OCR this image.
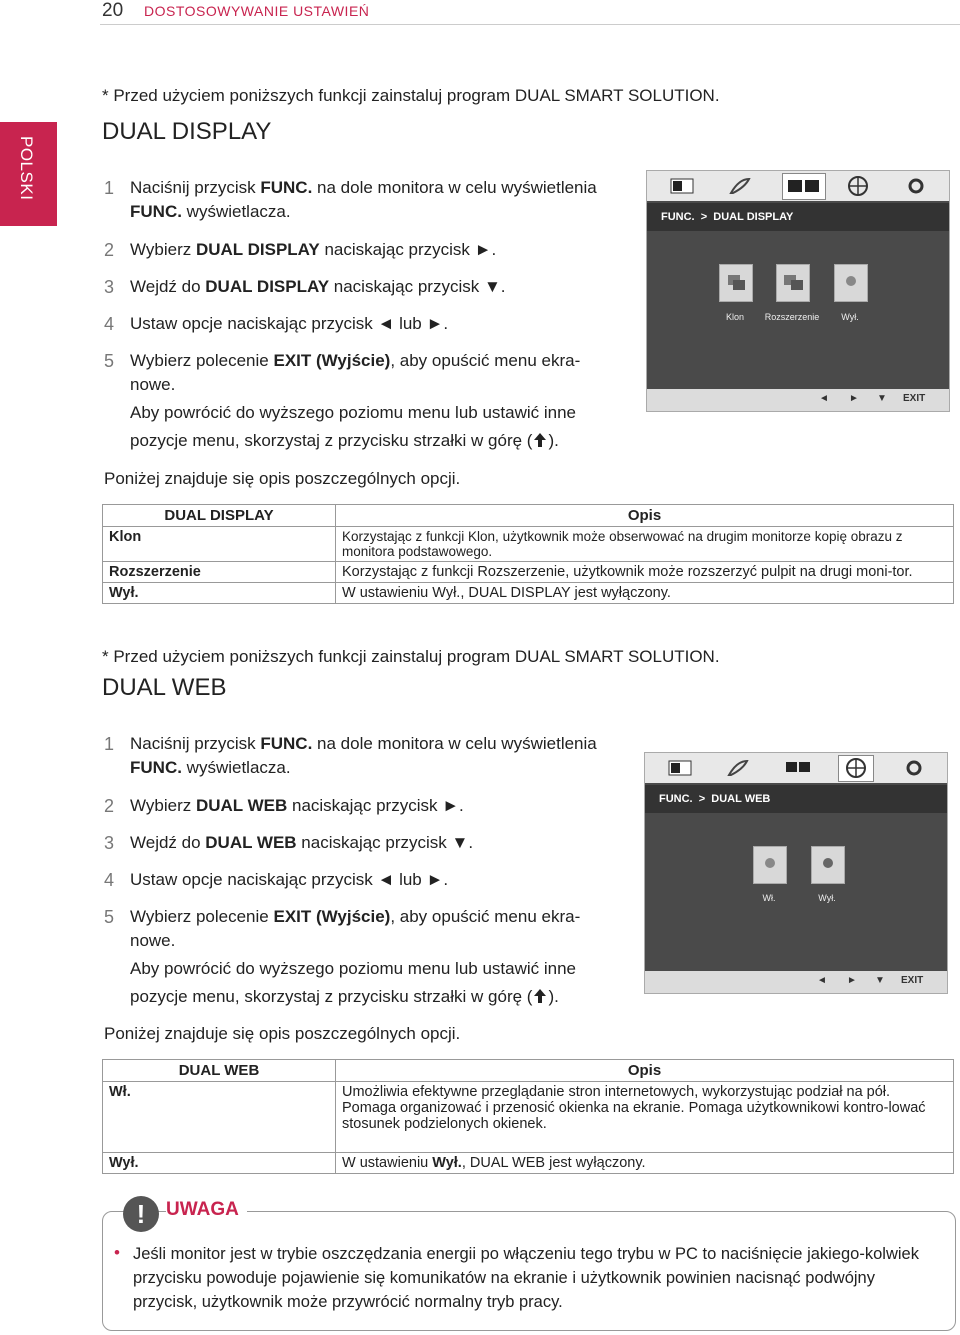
20 DOSTOSOWYWANIE USTAWIEŃ
POLSKI
* Przed użyciem poniższych funkcji zainstaluj program DUAL SMART SOLUTION.
DUAL DISPLAY
1 Naciśnij przycisk FUNC. na dole monitora w celu wyświetlenia FUNC. wyświetlacza.
2 Wybierz DUAL DISPLAY naciskając przycisk ►.
3 Wejdź do DUAL DISPLAY naciskając przycisk ▼.
4 Ustaw opcje naciskając przycisk ◄ lub ►.
5 Wybierz polecenie EXIT (Wyjście), aby opuścić menu ekra-nowe.
Aby powrócić do wyższego poziomu menu lub ustawić inne
pozycje menu, skorzystaj z przycisku strzałki w górę ( ).
Poniżej znajduje się opis poszczególnych opcji.
FUNC. > DUAL DISPLAY
Klon	Rozszerzenie	Wył.
◄ ► ▼ EXIT
DUAL DISPLAY	Opis
Klon	Korzystając z funkcji Klon, użytkownik może obserwować na drugim monitorze kopię obrazu z monitora podstawowego.
Rozszerzenie	Korzystając z funkcji Rozszerzenie, użytkownik może rozszerzyć pulpit na drugi moni-tor.
Wył.	W ustawieniu Wył., DUAL DISPLAY jest wyłączony.
* Przed użyciem poniższych funkcji zainstaluj program DUAL SMART SOLUTION.
DUAL WEB
1 Naciśnij przycisk FUNC. na dole monitora w celu wyświetlenia FUNC. wyświetlacza.
2 Wybierz DUAL WEB naciskając przycisk ►.
3 Wejdź do DUAL WEB naciskając przycisk ▼.
4 Ustaw opcje naciskając przycisk ◄ lub ►.
5 Wybierz polecenie EXIT (Wyjście), aby opuścić menu ekra-nowe.
Aby powrócić do wyższego poziomu menu lub ustawić inne
pozycje menu, skorzystaj z przycisku strzałki w górę ( ).
Poniżej znajduje się opis poszczególnych opcji.
FUNC. > DUAL WEB
Wł.	Wył.
◄ ► ▼ EXIT
DUAL WEB	Opis
Wł.	Umożliwia efektywne przeglądanie stron internetowych, wykorzystując podział na pół. Pomaga organizować i przenosić okienka na ekranie. Pomaga użytkownikowi kontro-lować stosunek podzielonych okienek.
Wył.	W ustawieniu Wył., DUAL WEB jest wyłączony.
!	UWAGA
• Jeśli monitor jest w trybie oszczędzania energii po włączeniu tego trybu w PC to naciśnięcie jakiego-kolwiek przycisku powoduje pojawienie się komunikatów na ekranie i użytkownik powinien nacisnąć podwójny przycisk, użytkownik może przywrócić normalny tryb pracy.
